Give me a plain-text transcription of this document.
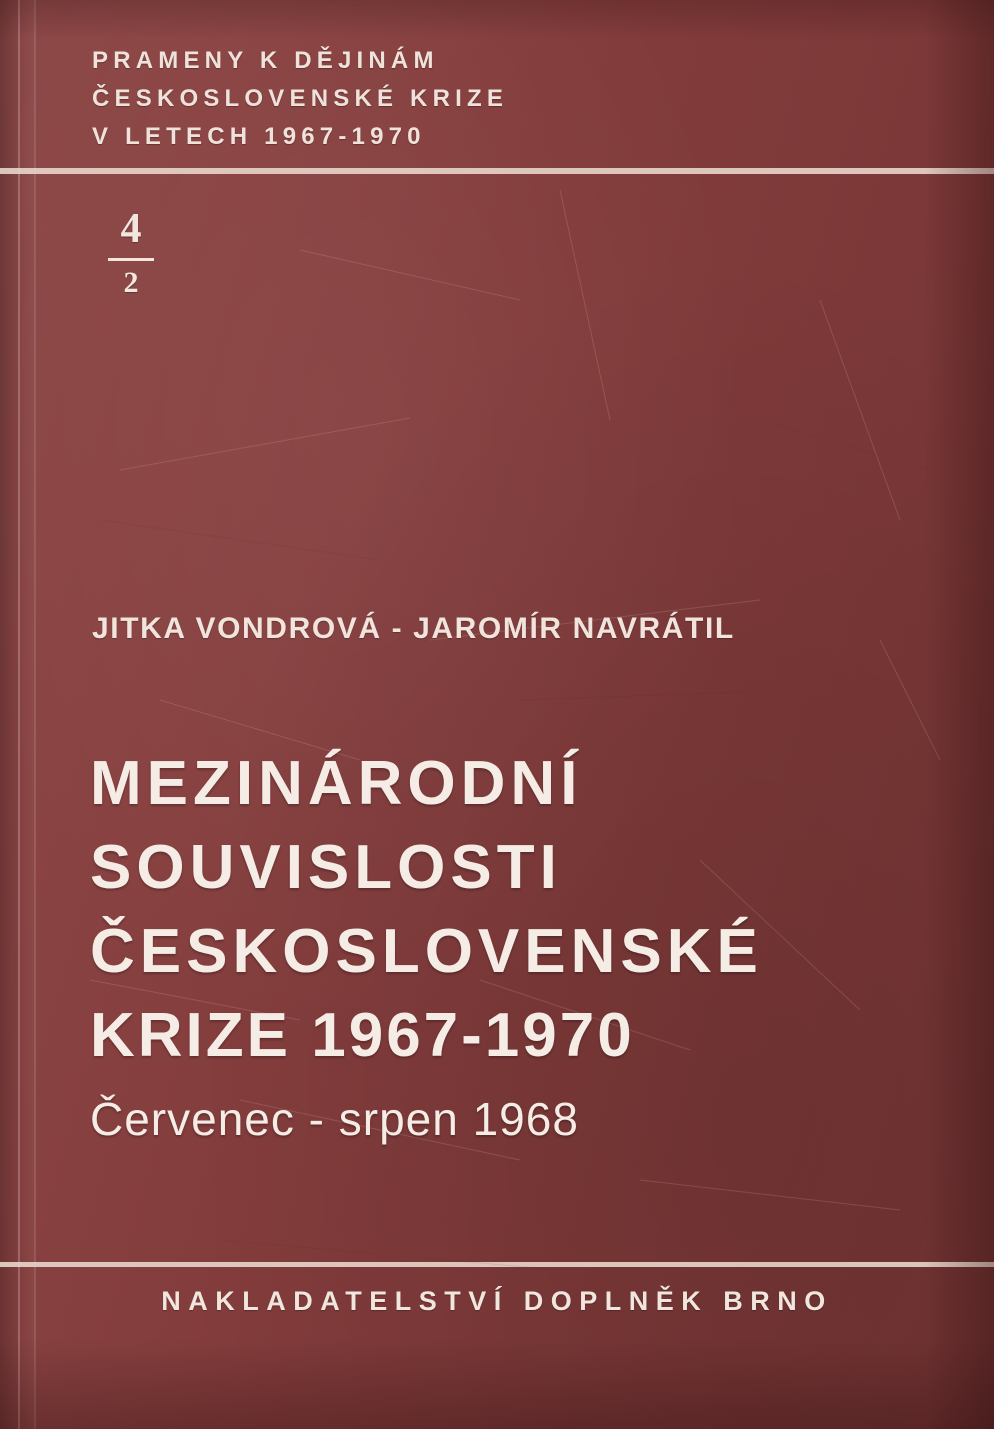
PRAMENY K DĚJINÁM
ČESKOSLOVENSKÉ KRIZE
V LETECH 1967-1970
4
2
JITKA VONDROVÁ - JAROMÍR NAVRÁTIL
MEZINÁRODNÍ
SOUVISLOSTI
ČESKOSLOVENSKÉ
KRIZE 1967-1970
Červenec - srpen 1968
NAKLADATELSTVÍ DOPLNĚK BRNO
